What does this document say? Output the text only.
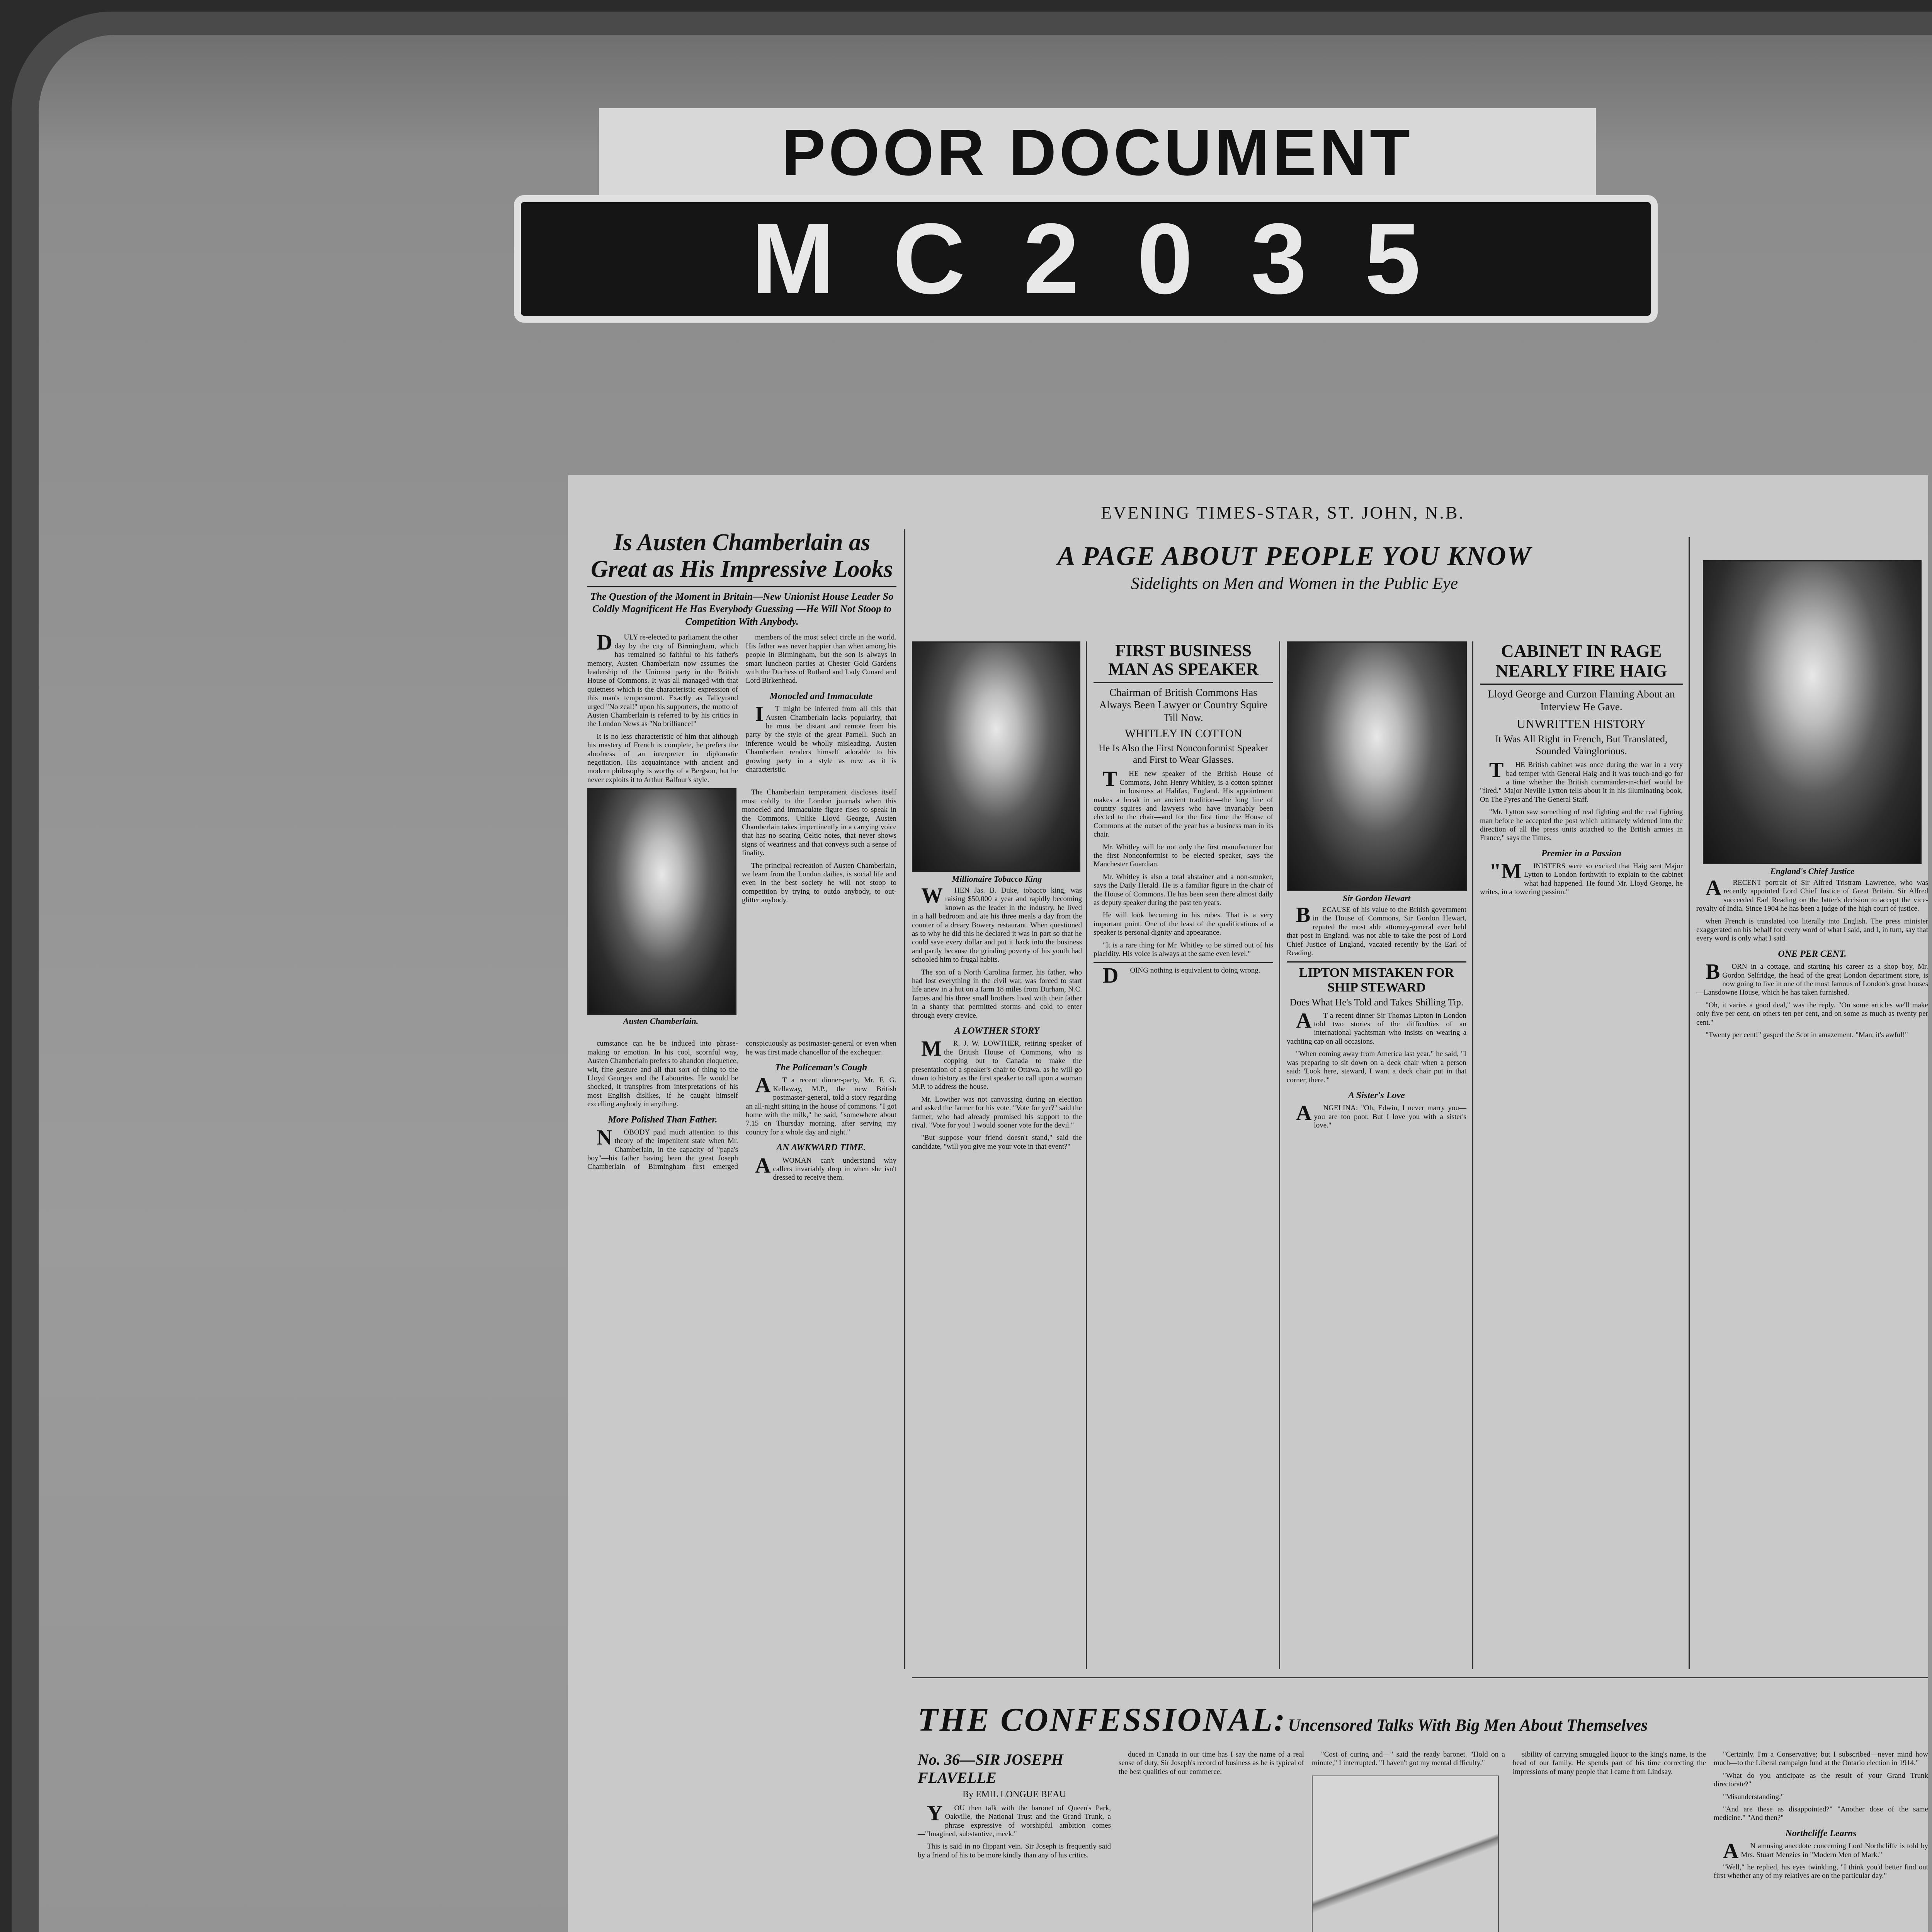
POOR DOCUMENT
MC2035
EVENING TIMES-STAR, ST. JOHN, N.B.
Is Austen Chamberlain as Great as His Impressive Looks
The Question of the Moment in Britain—New Unionist House Leader So Coldly Magnificent He Has Everybody Guessing —He Will Not Stoop to Competition With Anybody.

DULY re-elected to parliament the other day by the city of Birmingham, which has remained so faithful to his father's memory, Austen Chamberlain now assumes the leadership of the Unionist party in the British House of Commons. It was all managed with that quietness which is the characteristic expression of this man's temperament. Exactly as Talleyrand urged "No zeal!" upon his supporters, the motto of Austen Chamberlain is referred to by his critics in the London News as "No brilliance!"

It is no less characteristic of him that although his mastery of French is complete, he prefers the aloofness of an interpreter in diplomatic negotiation. His acquaintance with ancient and modern philosophy is worthy of a Bergson, but he never exploits it to Arthur Balfour's style.

members of the most select circle in the world. His father was never happier than when among his people in Birmingham, but the son is always in smart luncheon parties at Chester Gold Gardens with the Duchess of Rutland and Lady Cunard and Lord Birkenhead.

Monocled and Immaculate

IT might be inferred from all this that Austen Chamberlain lacks popularity, that he must be distant and remote from his party by the style of the great Parnell. Such an inference would be wholly misleading. Austen Chamberlain renders himself adorable to his growing party in a style as new as it is characteristic.

Austen Chamberlain.

The Chamberlain temperament discloses itself most coldly to the London journals when this monocled and immaculate figure rises to speak in the Commons. Unlike Lloyd George, Austen Chamberlain takes impertinently in a carrying voice that has no soaring Celtic notes, that never shows signs of weariness and that conveys such a sense of finality.

The principal recreation of Austen Chamberlain, we learn from the London dailies, is social life and even in the best society he will not stoop to competition by trying to outdo anybody, to out-glitter anybody.

cumstance can he be induced into phrase-making or emotion. In his cool, scornful way, Austen Chamberlain prefers to abandon eloquence, wit, fine gesture and all that sort of thing to the Lloyd Georges and the Labourites. He would be shocked, it transpires from interpretations of his most English dislikes, if he caught himself excelling anybody in anything.

More Polished Than Father.

NOBODY paid much attention to this theory of the impenitent state when Mr. Chamberlain, in the capacity of "papa's boy"—his father having been the great Joseph Chamberlain of Birmingham—first emerged conspicuously as postmaster-general or even when he was first made chancellor of the exchequer.

The Policeman's Cough

AT a recent dinner-party, Mr. F. G. Kellaway, M.P., the new British postmaster-general, told a story regarding an all-night sitting in the house of commons. "I got home with the milk," he said, "somewhere about 7.15 on Thursday morning, after serving my country for a whole day and night."

AN AWKWARD TIME.

AWOMAN can't understand why callers invariably drop in when she isn't dressed to receive them.

A PAGE ABOUT PEOPLE YOU KNOW
Sidelights on Men and Women in the Public Eye
Millionaire Tobacco King

WHEN Jas. B. Duke, tobacco king, was raising $50,000 a year and rapidly becoming known as the leader in the industry, he lived in a hall bedroom and ate his three meals a day from the counter of a dreary Bowery restaurant. When questioned as to why he did this he declared it was in part so that he could save every dollar and put it back into the business and partly because the grinding poverty of his youth had schooled him to frugal habits.

The son of a North Carolina farmer, his father, who had lost everything in the civil war, was forced to start life anew in a hut on a farm 18 miles from Durham, N.C. James and his three small brothers lived with their father in a shanty that permitted storms and cold to enter through every crevice.

A LOWTHER STORY

MR. J. W. LOWTHER, retiring speaker of the British House of Commons, who is copping out to Canada to make the presentation of a speaker's chair to Ottawa, as he will go down to history as the first speaker to call upon a woman M.P. to address the house.

Mr. Lowther was not canvassing during an election and asked the farmer for his vote. "Vote for yer?" said the farmer, who had already promised his support to the rival. "Vote for you! I would sooner vote for the devil."

"But suppose your friend doesn't stand," said the candidate, "will you give me your vote in that event?"

FIRST BUSINESS MAN AS SPEAKER
Chairman of British Commons Has Always Been Lawyer or Country Squire Till Now.
WHITLEY IN COTTON
He Is Also the First Nonconformist Speaker and First to Wear Glasses.

THE new speaker of the British House of Commons, John Henry Whitley, is a cotton spinner in business at Halifax, England. His appointment makes a break in an ancient tradition—the long line of country squires and lawyers who have invariably been elected to the chair—and for the first time the House of Commons at the outset of the year has a business man in its chair.

Mr. Whitley will be not only the first manufacturer but the first Nonconformist to be elected speaker, says the Manchester Guardian.

Mr. Whitley is also a total abstainer and a non-smoker, says the Daily Herald. He is a familiar figure in the chair of the House of Commons. He has been seen there almost daily as deputy speaker during the past ten years.

He will look becoming in his robes. That is a very important point. One of the least of the qualifications of a speaker is personal dignity and appearance.

"It is a rare thing for Mr. Whitley to be stirred out of his placidity. His voice is always at the same even level."

DOING nothing is equivalent to doing wrong.

Sir Gordon Hewart

BECAUSE of his value to the British government in the House of Commons, Sir Gordon Hewart, reputed the most able attorney-general ever held that post in England, was not able to take the post of Lord Chief Justice of England, vacated recently by the Earl of Reading.

LIPTON MISTAKEN FOR SHIP STEWARD
Does What He's Told and Takes Shilling Tip.

AT a recent dinner Sir Thomas Lipton in London told two stories of the difficulties of an international yachtsman who insists on wearing a yachting cap on all occasions.

"When coming away from America last year," he said, "I was preparing to sit down on a deck chair when a person said: 'Look here, steward, I want a deck chair put in that corner, there.'"

A Sister's Love

ANGELINA: "Oh, Edwin, I never marry you—you are too poor. But I love you with a sister's love."

CABINET IN RAGE NEARLY FIRE HAIG
Lloyd George and Curzon Flaming About an Interview He Gave.
UNWRITTEN HISTORY
It Was All Right in French, But Translated, Sounded Vainglorious.

THE British cabinet was once during the war in a very bad temper with General Haig and it was touch-and-go for a time whether the British commander-in-chief would be "fired." Major Neville Lytton tells about it in his illuminating book, On The Fyres and The General Staff.

"Mr. Lytton saw something of real fighting and the real fighting man before he accepted the post which ultimately widened into the direction of all the press units attached to the British armies in France," says the Times.

Premier in a Passion

"MINISTERS were so excited that Haig sent Major Lytton to London forthwith to explain to the cabinet what had happened. He found Mr. Lloyd George, he writes, in a towering passion."

England's Chief Justice

ARECENT portrait of Sir Alfred Tristram Lawrence, who was recently appointed Lord Chief Justice of Great Britain. Sir Alfred succeeded Earl Reading on the latter's decision to accept the vice-royalty of India. Since 1904 he has been a judge of the high court of justice.

when French is translated too literally into English. The press minister exaggerated on his behalf for every word of what I said, and I, in turn, say that every word is only what I said.

ONE PER CENT.

BORN in a cottage, and starting his career as a shop boy, Mr. Gordon Selfridge, the head of the great London department store, is now going to live in one of the most famous of London's great houses—Lansdowne House, which he has taken furnished.

"Oh, it varies a good deal," was the reply. "On some articles we'll make only five per cent, on others ten per cent, and on some as much as twenty per cent."

"Twenty per cent!" gasped the Scot in amazement. "Man, it's awful!"

THE CONFESSIONAL: Uncensored Talks With Big Men About Themselves
No. 36—SIR JOSEPH FLAVELLE
By EMIL LONGUE BEAU

YOU then talk with the baronet of Queen's Park, Oakville, the National Trust and the Grand Trunk, a phrase expressive of worshipful ambition comes—"Imagined, substantive, meek."

This is said in no flippant vein. Sir Joseph is frequently said by a friend of his to be more kindly than any of his critics.

duced in Canada in our time has I say the name of a real sense of duty, Sir Joseph's record of business as he is typical of the best qualities of our commerce.

"Cost of curing and—" said the ready baronet. "Hold on a minute," I interrupted. "I haven't got my mental difficulty."

sibility of carrying smuggled liquor to the king's name, is the head of our family. He spends part of his time correcting the impressions of many people that I came from Lindsay.

"Certainly. I'm a Conservative; but I subscribed—never mind how much—to the Liberal campaign fund at the Ontario election in 1914."

"What do you anticipate as the result of your Grand Trunk directorate?"

"Misunderstanding."

"And are these as disappointed?" "Another dose of the same medicine." "And then?"

Northcliffe Learns

AN amusing anecdote concerning Lord Northcliffe is told by Mrs. Stuart Menzies in "Modern Men of Mark."

"Well," he replied, his eyes twinkling, "I think you'd better find out first whether any of my relatives are on the particular day."
